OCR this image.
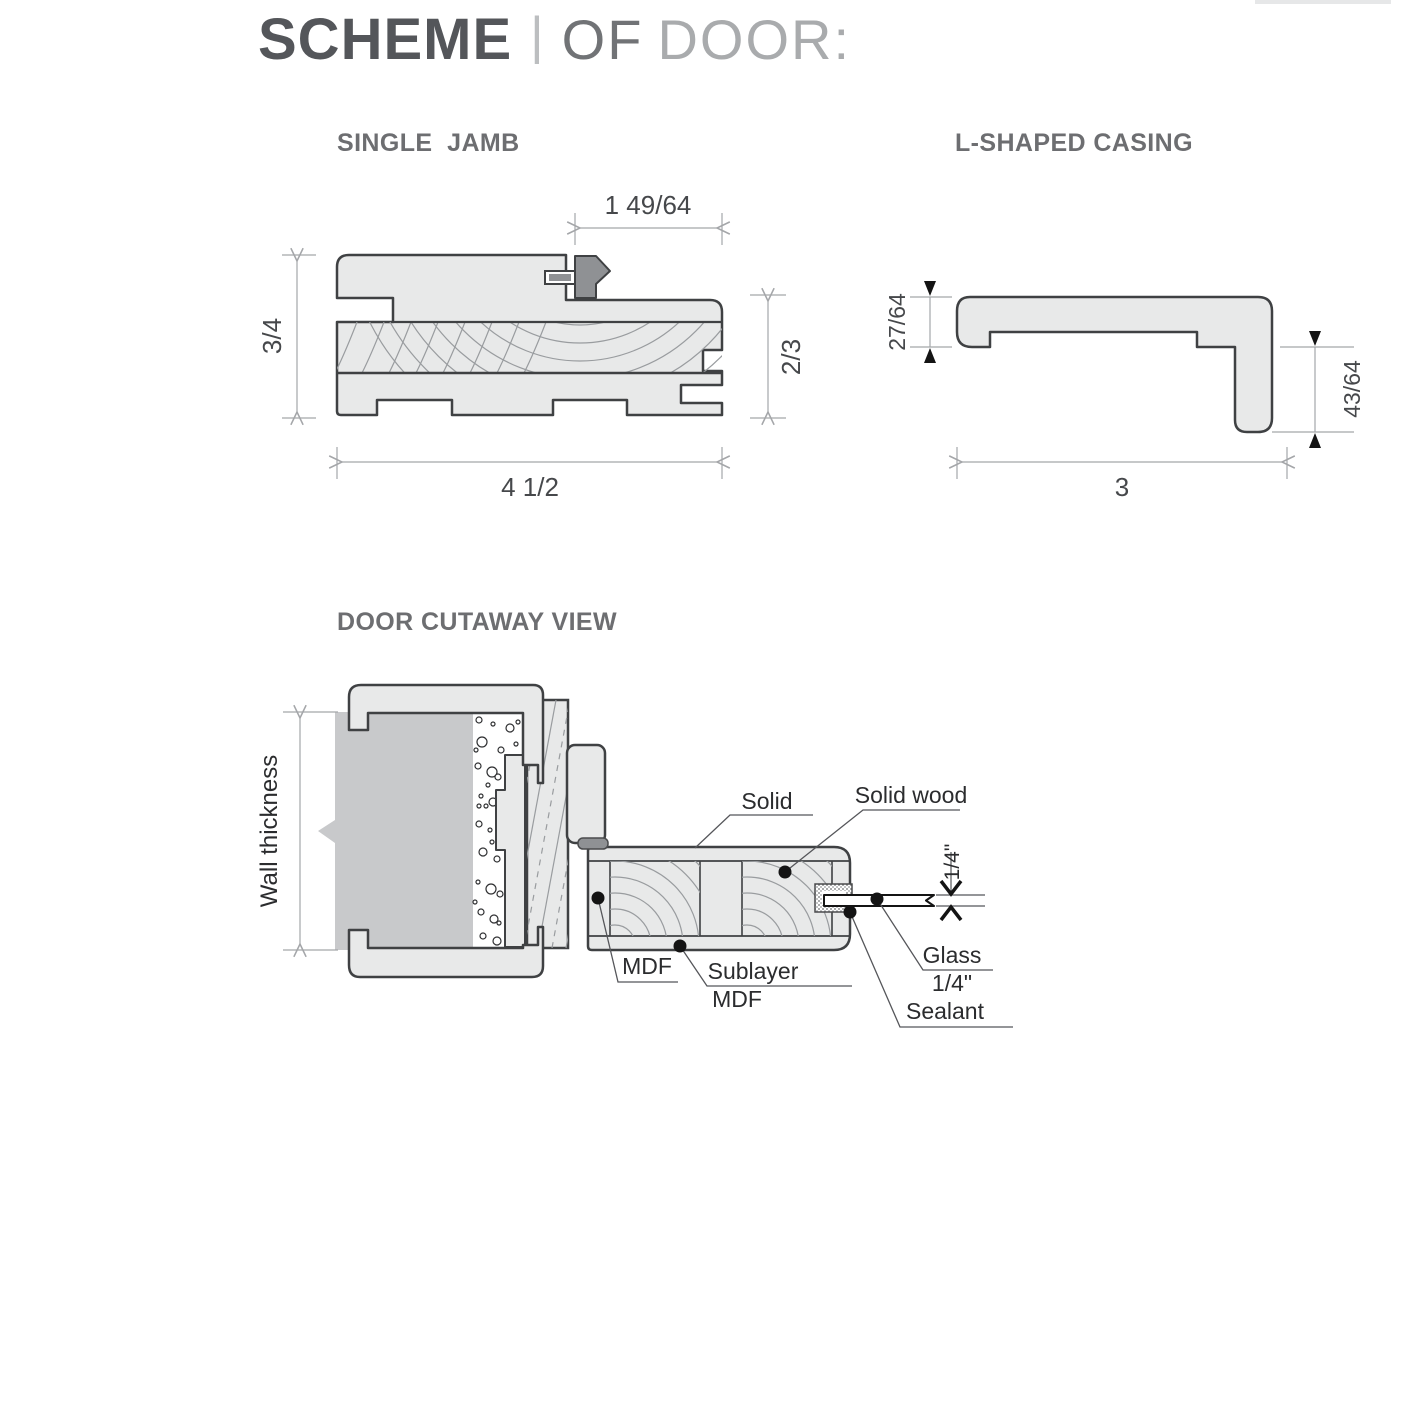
SCHEME | OF DOOR:
SINGLE  JAMB
1 49/64
3/4
2/3
4 1/2
L-SHAPED CASING
27/64
43/64
3
DOOR CUTAWAY VIEW
Wall thickness	Solid	Solid wood
1/4"
MDF	Sublayer
MDF
Glass
1/4"
Sealant
